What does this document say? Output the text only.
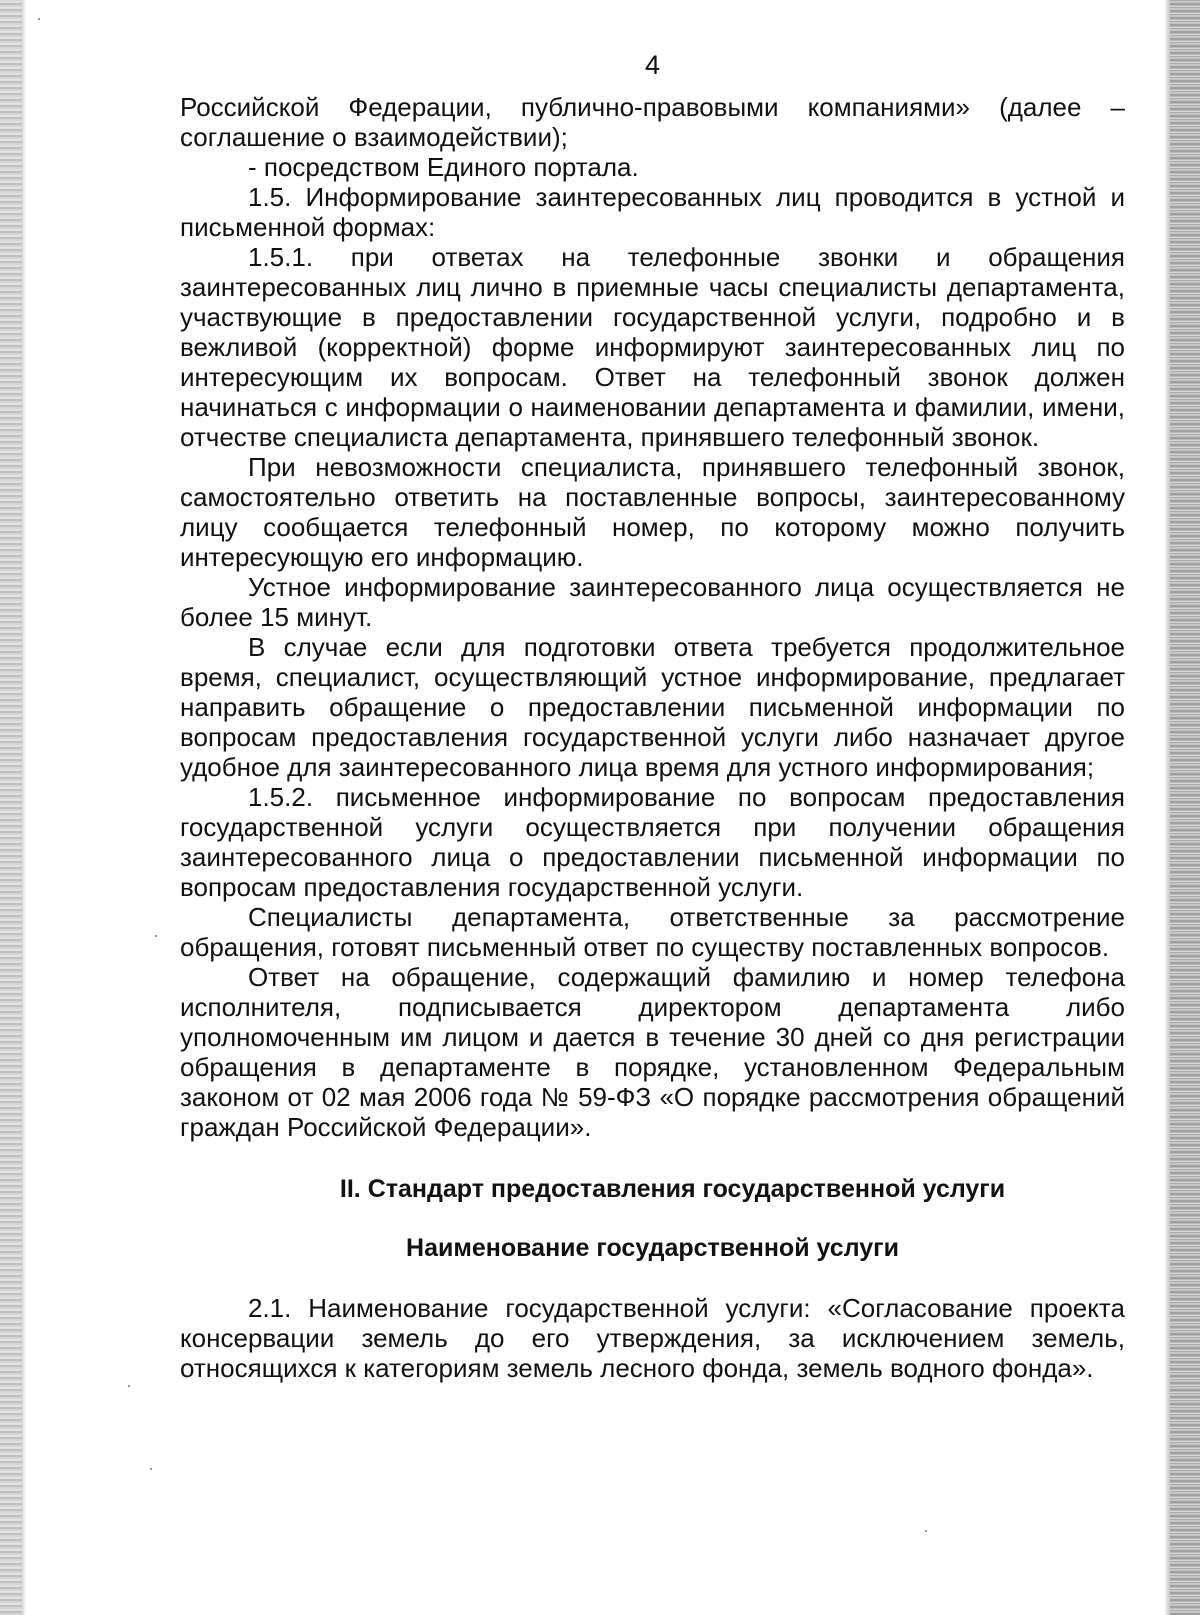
4

Российской Федерации, публично-правовыми компаниями» (далее – соглашение о взаимодействии);

- посредством Единого портала.

1.5. Информирование заинтересованных лиц проводится в устной и письменной формах:

1.5.1. при ответах на телефонные звонки и обращения заинтересованных лиц лично в приемные часы специалисты департамента, участвующие в предоставлении государственной услуги, подробно и в вежливой (корректной) форме информируют заинтересованных лиц по интересующим их вопросам. Ответ на телефонный звонок должен начинаться с информации о наименовании департамента и фамилии, имени, отчестве специалиста департамента, принявшего телефонный звонок.

При невозможности специалиста, принявшего телефонный звонок, самостоятельно ответить на поставленные вопросы, заинтересованному лицу сообщается телефонный номер, по которому можно получить интересующую его информацию.

Устное информирование заинтересованного лица осуществляется не более 15 минут.

В случае если для подготовки ответа требуется продолжительное время, специалист, осуществляющий устное информирование, предлагает направить обращение о предоставлении письменной информации по вопросам предоставления государственной услуги либо назначает другое удобное для заинтересованного лица время для устного информирования;

1.5.2. письменное информирование по вопросам предоставления государственной услуги осуществляется при получении обращения заинтересованного лица о предоставлении письменной информации по вопросам предоставления государственной услуги.

Специалисты департамента, ответственные за рассмотрение обращения, готовят письменный ответ по существу поставленных вопросов.

Ответ на обращение, содержащий фамилию и номер телефона исполнителя, подписывается директором департамента либо уполномоченным им лицом и дается в течение 30 дней со дня регистрации обращения в департаменте в порядке, установленном Федеральным законом от 02 мая 2006 года № 59-ФЗ «О порядке рассмотрения обращений граждан Российской Федерации».

II. Стандарт предоставления государственной услуги
Наименование государственной услуги

2.1. Наименование государственной услуги: «Согласование проекта консервации земель до его утверждения, за исключением земель, относящихся к категориям земель лесного фонда, земель водного фонда».
